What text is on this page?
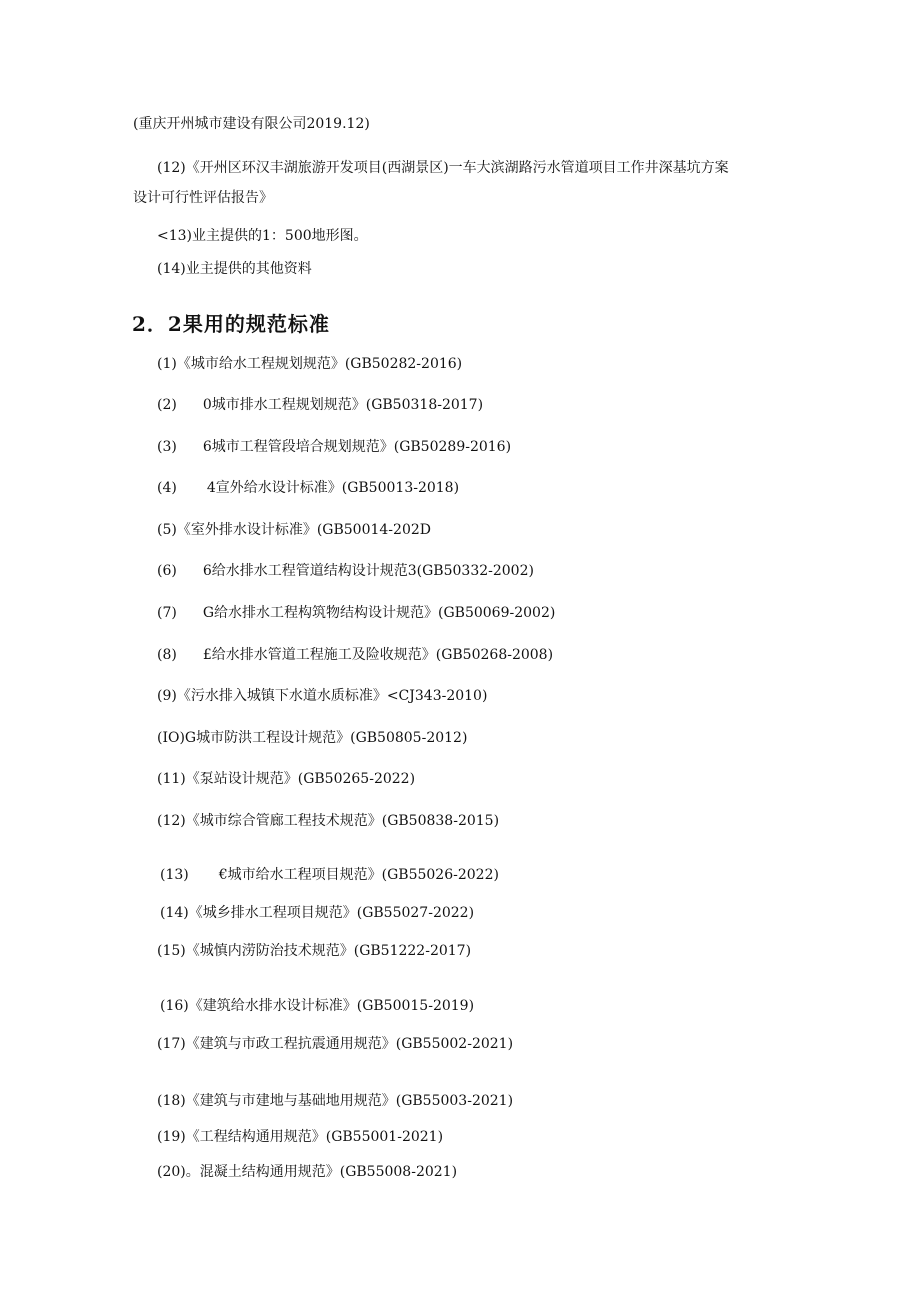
(重庆开州城市建设有限公司2019.12)
(12)《开州区环汉丰湖旅游开发项目(西湖景区)一车大滨湖路污水管道项目工作井深基坑方案
设计可行性评估报告》
<13)业主提供的1：500地形图。
(14)业主提供的其他资料
2．2果用的规范标准
(1)《城市给水工程规划规范》(GB50282-2016)
(2) 0城市排水工程规划规范》(GB50318-2017)
(3) 6城市工程管段培合规划规范》(GB50289-2016)
(4) 4宣外给水设计标准》(GB50013-2018)
(5)《室外排水设计标准》(GB50014-202D
(6) 6给水排水工程管道结构设计规范3(GB50332-2002)
(7) G给水排水工程构筑物结构设计规范》(GB50069-2002)
(8) £给水排水管道工程施工及险收规范》(GB50268-2008)
(9)《污水排入城镇下水道水质标准》<CJ343-2010)
(IO)G城市防洪工程设计规范》(GB50805-2012)
(11)《泵站设计规范》(GB50265-2022)
(12)《城市综合管廊工程技术规范》(GB50838-2015)
(13) €城市给水工程项目规范》(GB55026-2022)
(14)《城乡排水工程项目规范》(GB55027-2022)
(15)《城慎内涝防治技术规范》(GB51222-2017)
(16)《建筑给水排水设计标准》(GB50015-2019)
(17)《建筑与市政工程抗震通用规范》(GB55002-2021)
(18)《建筑与市建地与基础地用规范》(GB55003-2021)
(19)《工程结构通用规范》(GB55001-2021)
(20)。混凝土结构通用规范》(GB55008-2021)
